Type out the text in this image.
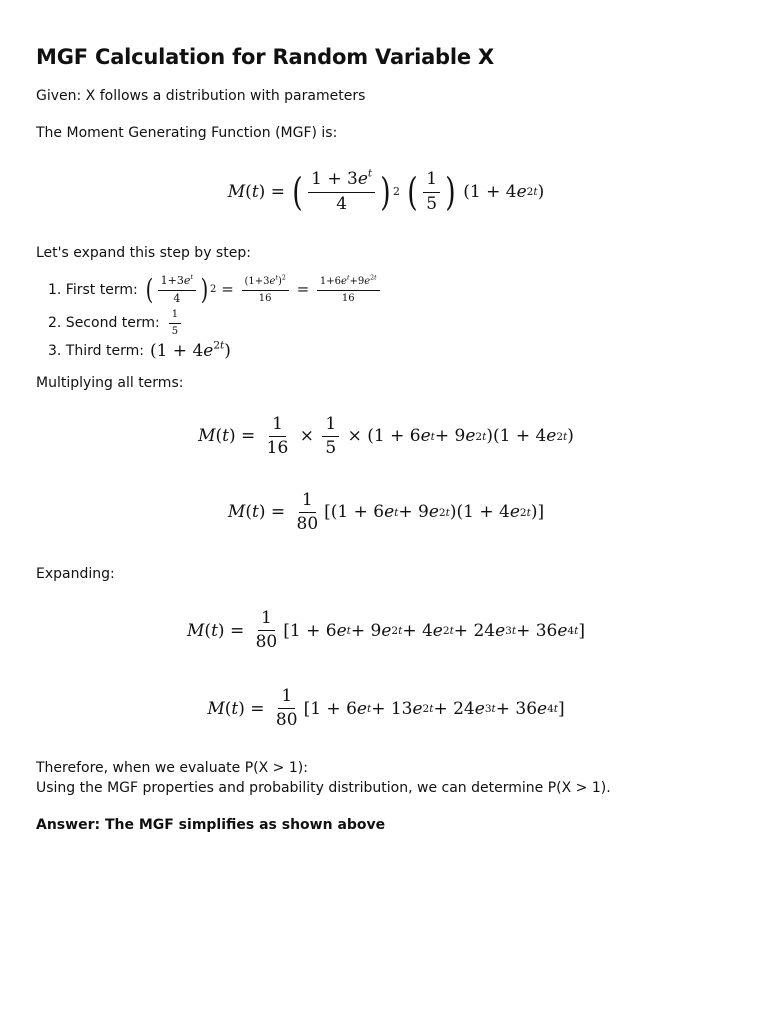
MGF Calculation for Random Variable X

Given: X follows a distribution with parameters

The Moment Generating Function (MGF) is:

M ( t ) = ( $\frac{1 + 3e^t}{4}$ ) 2
( $\frac{1}{5}$ ) (1 + 4 e 2t )

Let's expand this step by step:

1. First term: ( $\frac{1+3e^t}{4}$ ) $2 = \frac{(1+3e^t)^2}{16} = \frac{1+6e^t+9e^{2t}}{16}$
2. Second term: $\frac{1}{5}$
3. Third term: $(1 + 4e^{2t})$

Multiplying all terms:

M ( t ) = $\frac{1}{16} \times \frac{1}{5} \times (1 + 6$ e t + 9 e 2t )(1 + 4 e 2t )
M ( t ) = $\frac{1}{80} [(1 + 6$ e t + 9 e 2t )(1 + 4 e 2t )]

Expanding:

M ( t ) = $\frac{1}{80} [1 + 6$ e t + 9 e 2t + 4 e 2t + 24 e 3t + 36 e 4t ]
M ( t ) = $\frac{1}{80} [1 + 6$ e t + 13 e 2t + 24 e 3t + 36 e 4t ]

Therefore, when we evaluate P(X > 1):

Using the MGF properties and probability distribution, we can determine P(X > 1).

Answer: The MGF simplifies as shown above
